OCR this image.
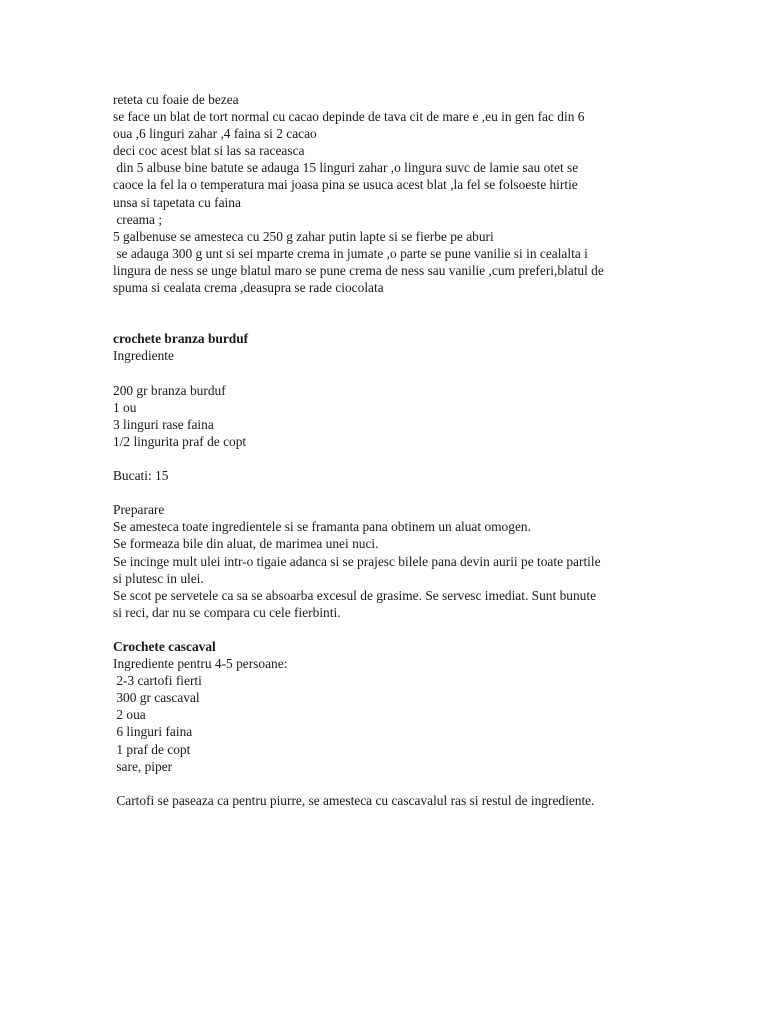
reteta cu foaie de bezea
se face un blat de tort normal cu cacao depinde de tava cit de mare e ,eu in gen fac din 6
oua ,6 linguri zahar ,4 faina si 2 cacao
deci coc acest blat si las sa raceasca
din 5 albuse bine batute se adauga 15 linguri zahar ,o lingura suvc de lamie sau otet se
caoce la fel la o temperatura mai joasa pina se usuca acest blat ,la fel se folsoeste hirtie
unsa si tapetata cu faina
creama ;
5 galbenuse se amesteca cu 250 g zahar putin lapte si se fierbe pe aburi
se adauga 300 g unt si sei mparte crema in jumate ,o parte se pune vanilie si in cealalta i
lingura de ness se unge blatul maro se pune crema de ness sau vanilie ,cum preferi,blatul de
spuma si cealata crema ,deasupra se rade ciocolata
crochete branza burduf
Ingrediente
200 gr branza burduf
1 ou
3 linguri rase faina
1/2 lingurita praf de copt
Bucati: 15
Preparare
Se amesteca toate ingredientele si se framanta pana obtinem un aluat omogen.
Se formeaza bile din aluat, de marimea unei nuci.
Se incinge mult ulei intr-o tigaie adanca si se prajesc bilele pana devin aurii pe toate partile
si plutesc in ulei.
Se scot pe servetele ca sa se absoarba excesul de grasime. Se servesc imediat. Sunt bunute
si reci, dar nu se compara cu cele fierbinti.
Crochete cascaval
Ingrediente pentru 4-5 persoane:
2-3 cartofi fierti
300 gr cascaval
2 oua
6 linguri faina
1 praf de copt
sare, piper
Cartofi se paseaza ca pentru piurre, se amesteca cu cascavalul ras si restul de ingrediente.
